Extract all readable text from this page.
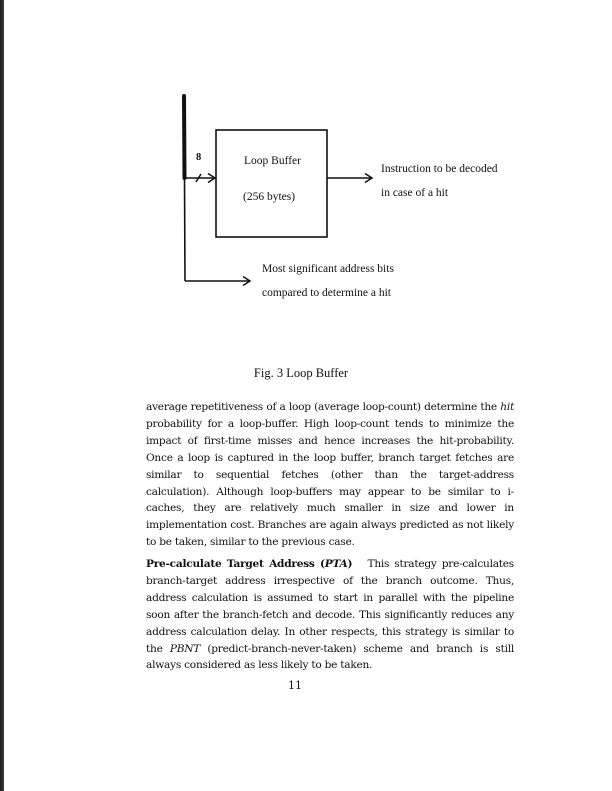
8	Loop Buffer
(256 bytes)
Instruction to be decoded
in case of a hit
Most significant address bits
compared to determine a hit
Fig. 3 Loop Buffer

average repetitiveness of a loop (average loop-count) determine the hit probability for a loop-buffer. High loop-count tends to minimize the impact of first-time misses and hence increases the hit-probability. Once a loop is captured in the loop buffer, branch target fetches are similar to sequential fetches (other than the target-address calculation). Although loop-buffers may appear to be similar to i-caches, they are relatively much smaller in size and lower in implementation cost. Branches are again always predicted as not likely to be taken, similar to the previous case.

Pre-calculate Target Address (PTA) This strategy pre-calculates branch-target address irrespective of the branch outcome. Thus, address calculation is assumed to start in parallel with the pipeline soon after the branch-fetch and decode. This significantly reduces any address calculation delay. In other respects, this strategy is similar to the PBNT (predict-branch-never-taken) scheme and branch is still always considered as less likely to be taken.

11
